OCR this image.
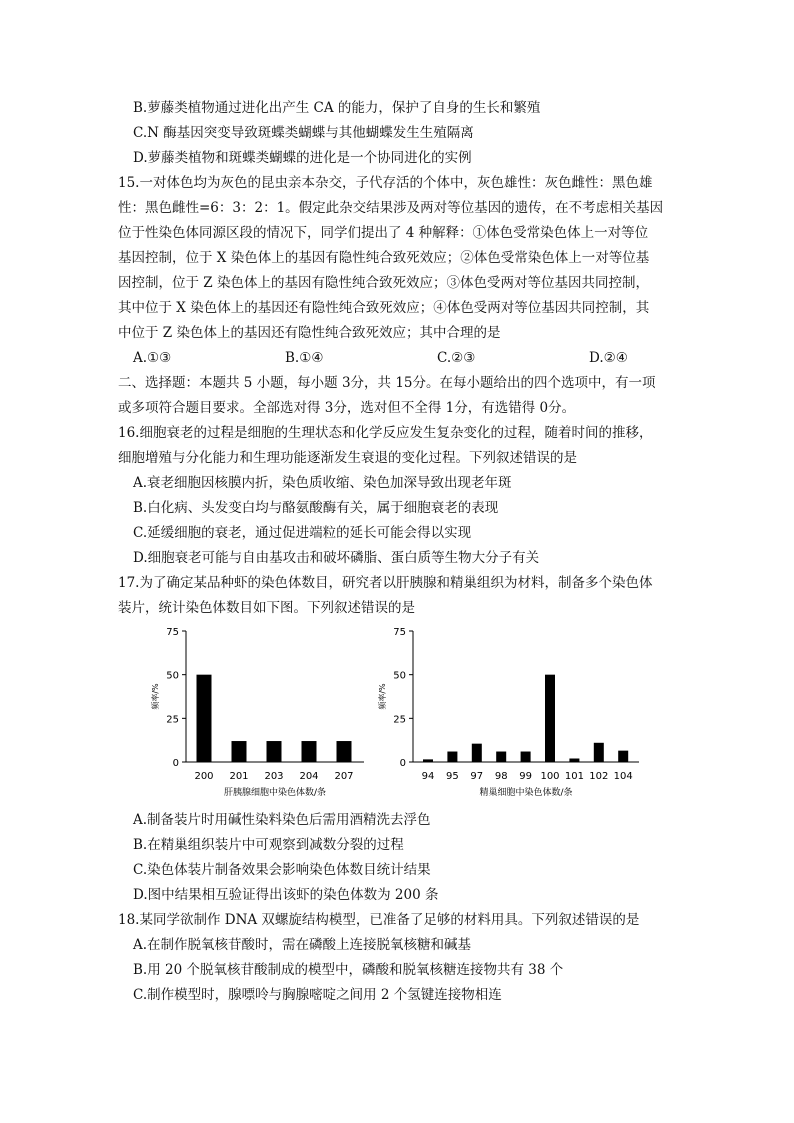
B.萝藤类植物通过进化出产生 CA 的能力，保护了自身的生长和繁殖
C.N 酶基因突变导致斑蝶类蝴蝶与其他蝴蝶发生生殖隔离
D.萝藤类植物和斑蝶类蝴蝶的进化是一个协同进化的实例
15.一对体色均为灰色的昆虫亲本杂交，子代存活的个体中，灰色雄性：灰色雌性：黑色雄
性：黑色雌性=6：3：2：1。假定此杂交结果涉及两对等位基因的遗传，在不考虑相关基因
位于性染色体同源区段的情况下，同学们提出了 4 种解释：①体色受常染色体上一对等位
基因控制，位于 X 染色体上的基因有隐性纯合致死效应；②体色受常染色体上一对等位基
因控制，位于 Z 染色体上的基因有隐性纯合致死效应；③体色受两对等位基因共同控制，
其中位于 X 染色体上的基因还有隐性纯合致死效应；④体色受两对等位基因共同控制，其
中位于 Z 染色体上的基因还有隐性纯合致死效应；其中合理的是
A.①③	B.①④	C.②③	D.②④
二、选择题：本题共 5 小题，每小题 3分，共 15分。在每小题给出的四个选项中，有一项
或多项符合题目要求。全部选对得 3分，选对但不全得 1分，有选错得 0分。
16.细胞衰老的过程是细胞的生理状态和化学反应发生复杂变化的过程，随着时间的推移，
细胞增殖与分化能力和生理功能逐渐发生衰退的变化过程。下列叙述错误的是
A.衰老细胞因核膜内折，染色质收缩、染色加深导致出现老年斑
B.白化病、头发变白均与酪氨酸酶有关，属于细胞衰老的表现
C.延缓细胞的衰老，通过促进端粒的延长可能会得以实现
D.细胞衰老可能与自由基攻击和破坏磷脂、蛋白质等生物大分子有关
17.为了确定某品种虾的染色体数目，研究者以肝胰腺和精巢组织为材料，制备多个染色体
装片，统计染色体数目如下图。下列叙述错误的是
0
25
50
75
频率/%
200 201 203 204 207
肝胰腺细胞中染色体数/条
0
25
50
75
频率/%
94 95 97 98 99 100 101 102 104
精巢细胞中染色体数/条
A.制备装片时用碱性染料染色后需用酒精洗去浮色
B.在精巢组织装片中可观察到减数分裂的过程
C.染色体装片制备效果会影响染色体数目统计结果
D.图中结果相互验证得出该虾的染色体数为 200 条
18.某同学欲制作 DNA 双螺旋结构模型，已准备了足够的材料用具。下列叙述错误的是
A.在制作脱氧核苷酸时，需在磷酸上连接脱氧核糖和碱基
B.用 20 个脱氧核苷酸制成的模型中，磷酸和脱氧核糖连接物共有 38 个
C.制作模型时，腺嘌呤与胸腺嘧啶之间用 2 个氢键连接物相连
